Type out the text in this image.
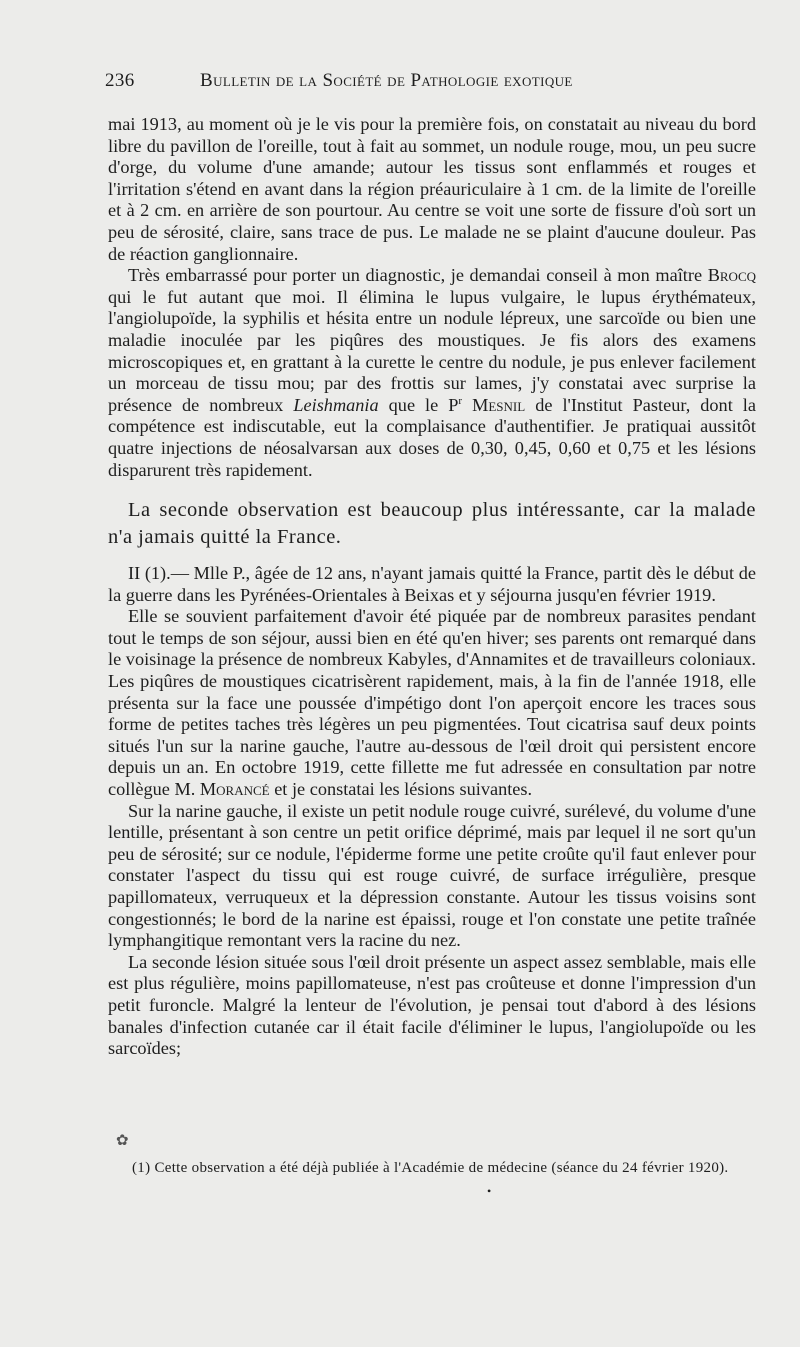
236	Bulletin de la Société de Pathologie exotique

mai 1913, au moment où je le vis pour la première fois, on constatait au niveau du bord libre du pavillon de l'oreille, tout à fait au sommet, un nodule rouge, mou, un peu sucre d'orge, du volume d'une amande; autour les tissus sont enflammés et rouges et l'irritation s'étend en avant dans la région préauriculaire à 1 cm. de la limite de l'oreille et à 2 cm. en arrière de son pourtour. Au centre se voit une sorte de fissure d'où sort un peu de sérosité, claire, sans trace de pus. Le malade ne se plaint d'aucune douleur. Pas de réaction ganglionnaire.

Très embarrassé pour porter un diagnostic, je demandai conseil à mon maître Brocq qui le fut autant que moi. Il élimina le lupus vulgaire, le lupus érythémateux, l'angiolupoïde, la syphilis et hésita entre un nodule lépreux, une sarcoïde ou bien une maladie inoculée par les piqûres des moustiques. Je fis alors des examens microscopiques et, en grattant à la curette le centre du nodule, je pus enlever facilement un morceau de tissu mou; par des frottis sur lames, j'y constatai avec surprise la présence de nombreux Leishmania que le $P^r$ Mesnil de l'Institut Pasteur, dont la compétence est indiscutable, eut la complaisance d'authentifier. Je pratiquai aussitôt quatre injections de néosalvarsan aux doses de 0,30, 0,45, 0,60 et 0,75 et les lésions disparurent très rapidement.

La seconde observation est beaucoup plus intéressante, car la malade n'a jamais quitté la France.

II (1).— Mlle P., âgée de 12 ans, n'ayant jamais quitté la France, partit dès le début de la guerre dans les Pyrénées-Orientales à Beixas et y séjourna jusqu'en février 1919.

Elle se souvient parfaitement d'avoir été piquée par de nombreux parasites pendant tout le temps de son séjour, aussi bien en été qu'en hiver; ses parents ont remarqué dans le voisinage la présence de nombreux Kabyles, d'Annamites et de travailleurs coloniaux. Les piqûres de moustiques cicatrisèrent rapidement, mais, à la fin de l'année 1918, elle présenta sur la face une poussée d'impétigo dont l'on aperçoit encore les traces sous forme de petites taches très légères un peu pigmentées. Tout cicatrisa sauf deux points situés l'un sur la narine gauche, l'autre au-dessous de l'œil droit qui persistent encore depuis un an. En octobre 1919, cette fillette me fut adressée en consultation par notre collègue M. Morancé et je constatai les lésions suivantes.

Sur la narine gauche, il existe un petit nodule rouge cuivré, surélevé, du volume d'une lentille, présentant à son centre un petit orifice déprimé, mais par lequel il ne sort qu'un peu de sérosité; sur ce nodule, l'épiderme forme une petite croûte qu'il faut enlever pour constater l'aspect du tissu qui est rouge cuivré, de surface irrégulière, presque papillomateux, verruqueux et la dépression constante. Autour les tissus voisins sont congestionnés; le bord de la narine est épaissi, rouge et l'on constate une petite traînée lymphangitique remontant vers la racine du nez.

La seconde lésion située sous l'œil droit présente un aspect assez semblable, mais elle est plus régulière, moins papillomateuse, n'est pas croûteuse et donne l'impression d'un petit furoncle. Malgré la lenteur de l'évolution, je pensai tout d'abord à des lésions banales d'infection cutanée car il était facile d'éliminer le lupus, l'angiolupoïde ou les sarcoïdes;

✿

(1) Cette observation a été déjà publiée à l'Académie de médecine (séance du 24 février 1920).

•
